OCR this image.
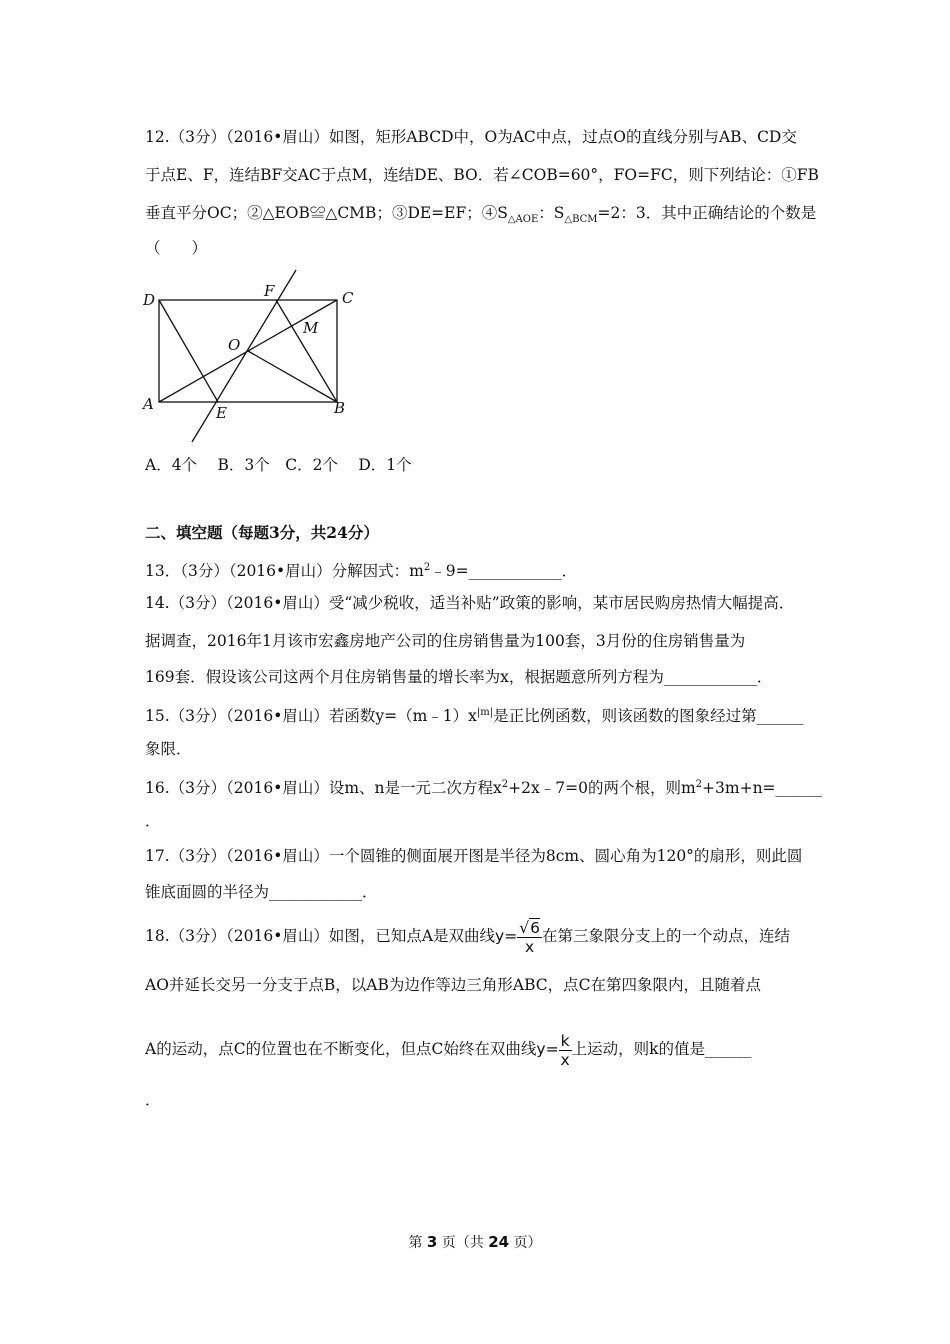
12.（3分）（2016•眉山）如图，矩形ABCD中，O为AC中点，过点O的直线分别与AB、CD交
于点E、F，连结BF交AC于点M，连结DE、BO．若∠COB=60°，FO=FC，则下列结论：①FB
垂直平分OC；②△EOB≌△CMB；③DE=EF；$④S_{\triangle AOE}$：$S_{\triangle BCM}=2$：3．其中正确结论的个数是
（　　）
D	F	C
M
O
A	E	B
A．4个　 B．3个　C．2个　 D．1个
二、填空题（每题3分，共24分）
13．（3分）（2016•眉山）分解因式：$m^2﹣9=\_\_\_\_\_\_\_\_\_\_\_\_$．
14.（3分）（2016•眉山）受“减少税收，适当补贴”政策的影响，某市居民购房热情大幅提高．
据调查，2016年1月该市宏鑫房地产公司的住房销售量为100套，3月份的住房销售量为
169套．假设该公司这两个月住房销售量的增长率为x，根据题意所列方程为____________．
15.（3分）（2016•眉山）若函数$y=(m﹣1)x^{|m|}$是正比例函数，则该函数的图象经过第______
象限．
16.（3分）（2016•眉山）设m、n是一元二次方程$x^2+2x﹣7=0$的两个根，则$m^2+3m+n=\_\_\_\_\_\_$
．
17.（3分）（2016•眉山）一个圆锥的侧面展开图是半径为8cm、圆心角为120°的扇形，则此圆
锥底面圆的半径为____________．
18.（3分）（2016•眉山）如图，已知点A是双曲线$y= \frac{√6}{x}$ 在第三象限分支上的一个动点，连结
AO并延长交另一分支于点B，以AB为边作等边三角形ABC，点C在第四象限内，且随着点
A的运动，点C的位置也在不断变化，但点C始终在双曲线$y= \frac{k}{x}$ 上运动，则k的值是______
．
第 3 页（共 24 页）
